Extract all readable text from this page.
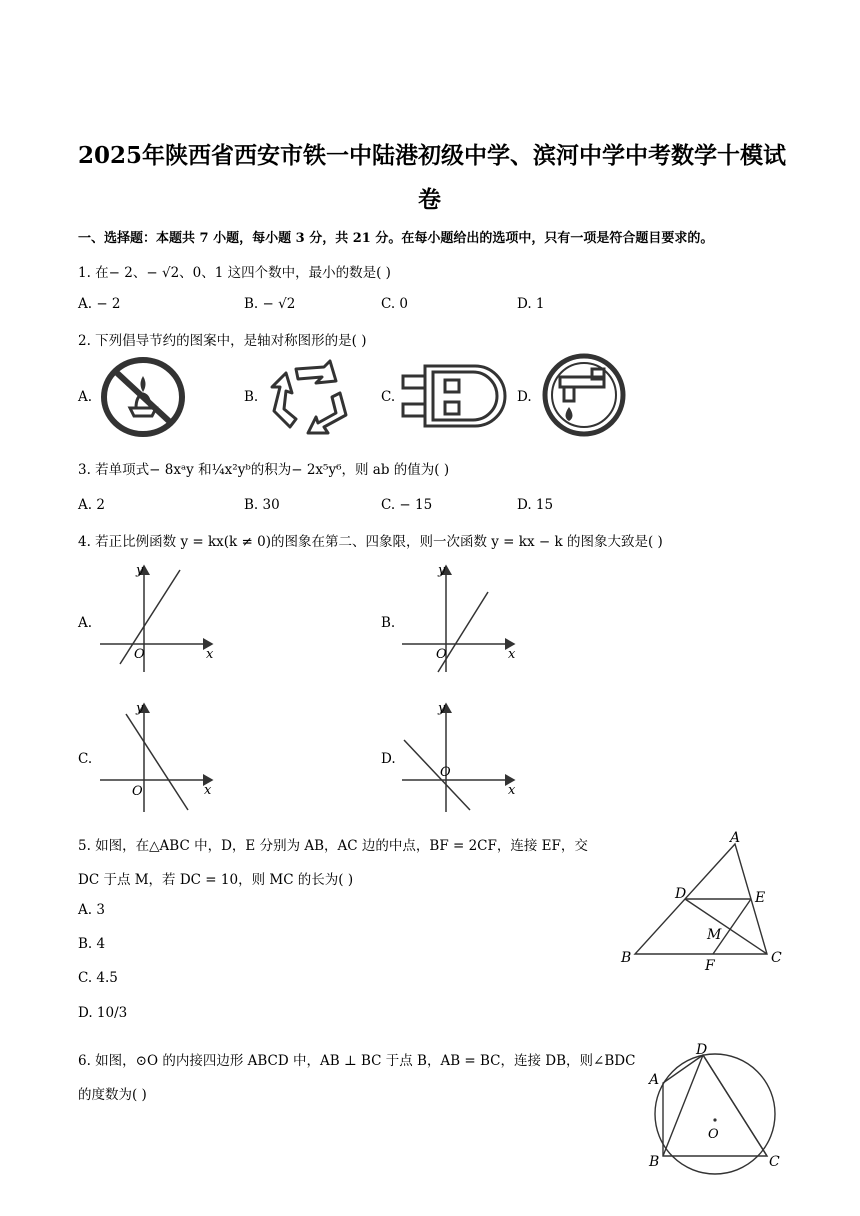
2025年陕西省西安市铁一中陆港初级中学、滨河中学中考数学十模试
卷
一、选择题：本题共 7 小题，每小题 3 分，共 21 分。在每小题给出的选项中，只有一项是符合题目要求的。
1. 在− 2、− √2、0、1 这四个数中，最小的数是( )
A. − 2	B. − √2	C. 0	D. 1
2. 下列倡导节约的图案中，是轴对称图形的是( )
A.	B.	C.	D.
3. 若单项式− 8xᵃy 和¼x²yᵇ的积为− 2x⁵y⁶，则 ab 的值为( )
A. 2	B. 30	C. − 15	D. 15
4. 若正比例函数 y = kx(k ≠ 0)的图象在第二、四象限，则一次函数 y = kx − k 的图象大致是( )
A.	B.
C.	D.
O	x
y
O	x
y
O	x
y
O
x
y
5. 如图，在△ABC 中，D，E 分别为 AB，AC 边的中点，BF = 2CF，连接 EF，交
DC 于点 M，若 DC = 10，则 MC 的长为( )
A. 3
B. 4
C. 4.5
D. 10/3
A
D	E
M
B	F	C
6. 如图，⊙O 的内接四边形 ABCD 中，AB ⊥ BC 于点 B，AB = BC，连接 DB，则∠BDC
的度数为( )
D
A
O
B	C
